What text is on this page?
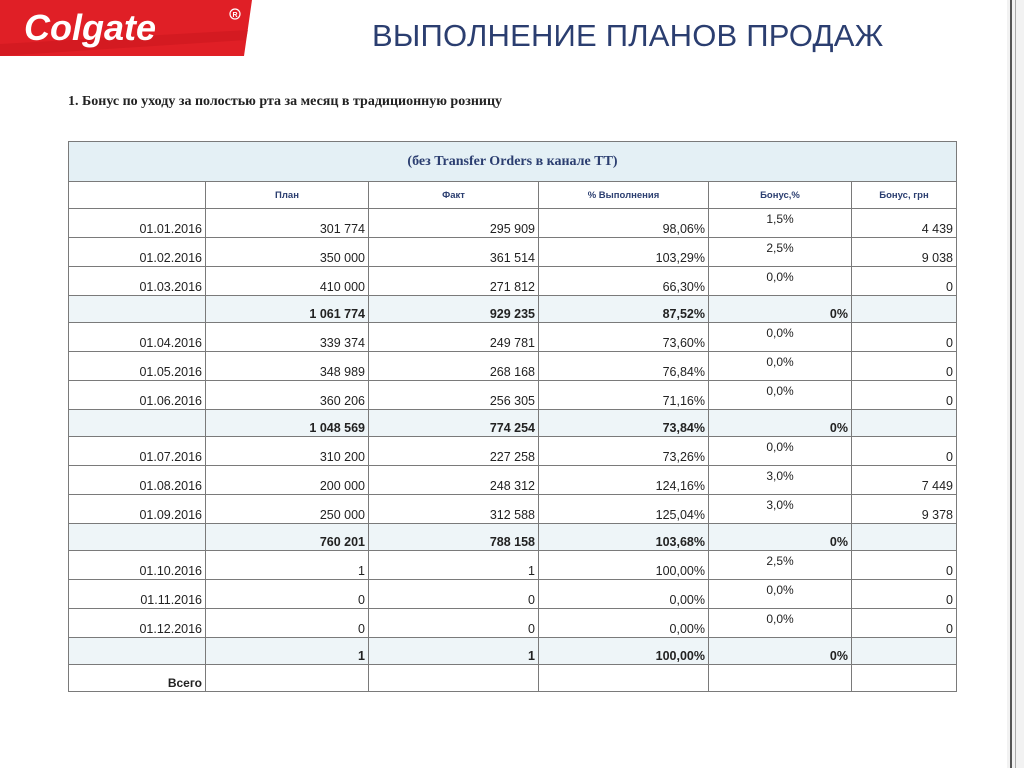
Colgate	R
ВЫПОЛНЕНИЕ ПЛАНОВ ПРОДАЖ
1. Бонус по уходу за полостью рта за месяц в традиционную розницу
(без Transfer Orders в канале ТТ)					
	План	Факт	% Выполнения	Бонус,%	Бонус, грн
01.01.2016	301 774	295 909	98,06%	1,5%	4 439
01.02.2016	350 000	361 514	103,29%	2,5%	9 038
01.03.2016	410 000	271 812	66,30%	0,0%	0
	1 061 774	929 235	87,52%	0%	
01.04.2016	339 374	249 781	73,60%	0,0%	0
01.05.2016	348 989	268 168	76,84%	0,0%	0
01.06.2016	360 206	256 305	71,16%	0,0%	0
	1 048 569	774 254	73,84%	0%	
01.07.2016	310 200	227 258	73,26%	0,0%	0
01.08.2016	200 000	248 312	124,16%	3,0%	7 449
01.09.2016	250 000	312 588	125,04%	3,0%	9 378
	760 201	788 158	103,68%	0%	
01.10.2016	1	1	100,00%	2,5%	0
01.11.2016	0	0	0,00%	0,0%	0
01.12.2016	0	0	0,00%	0,0%	0
	1	1	100,00%	0%	
Всего					
